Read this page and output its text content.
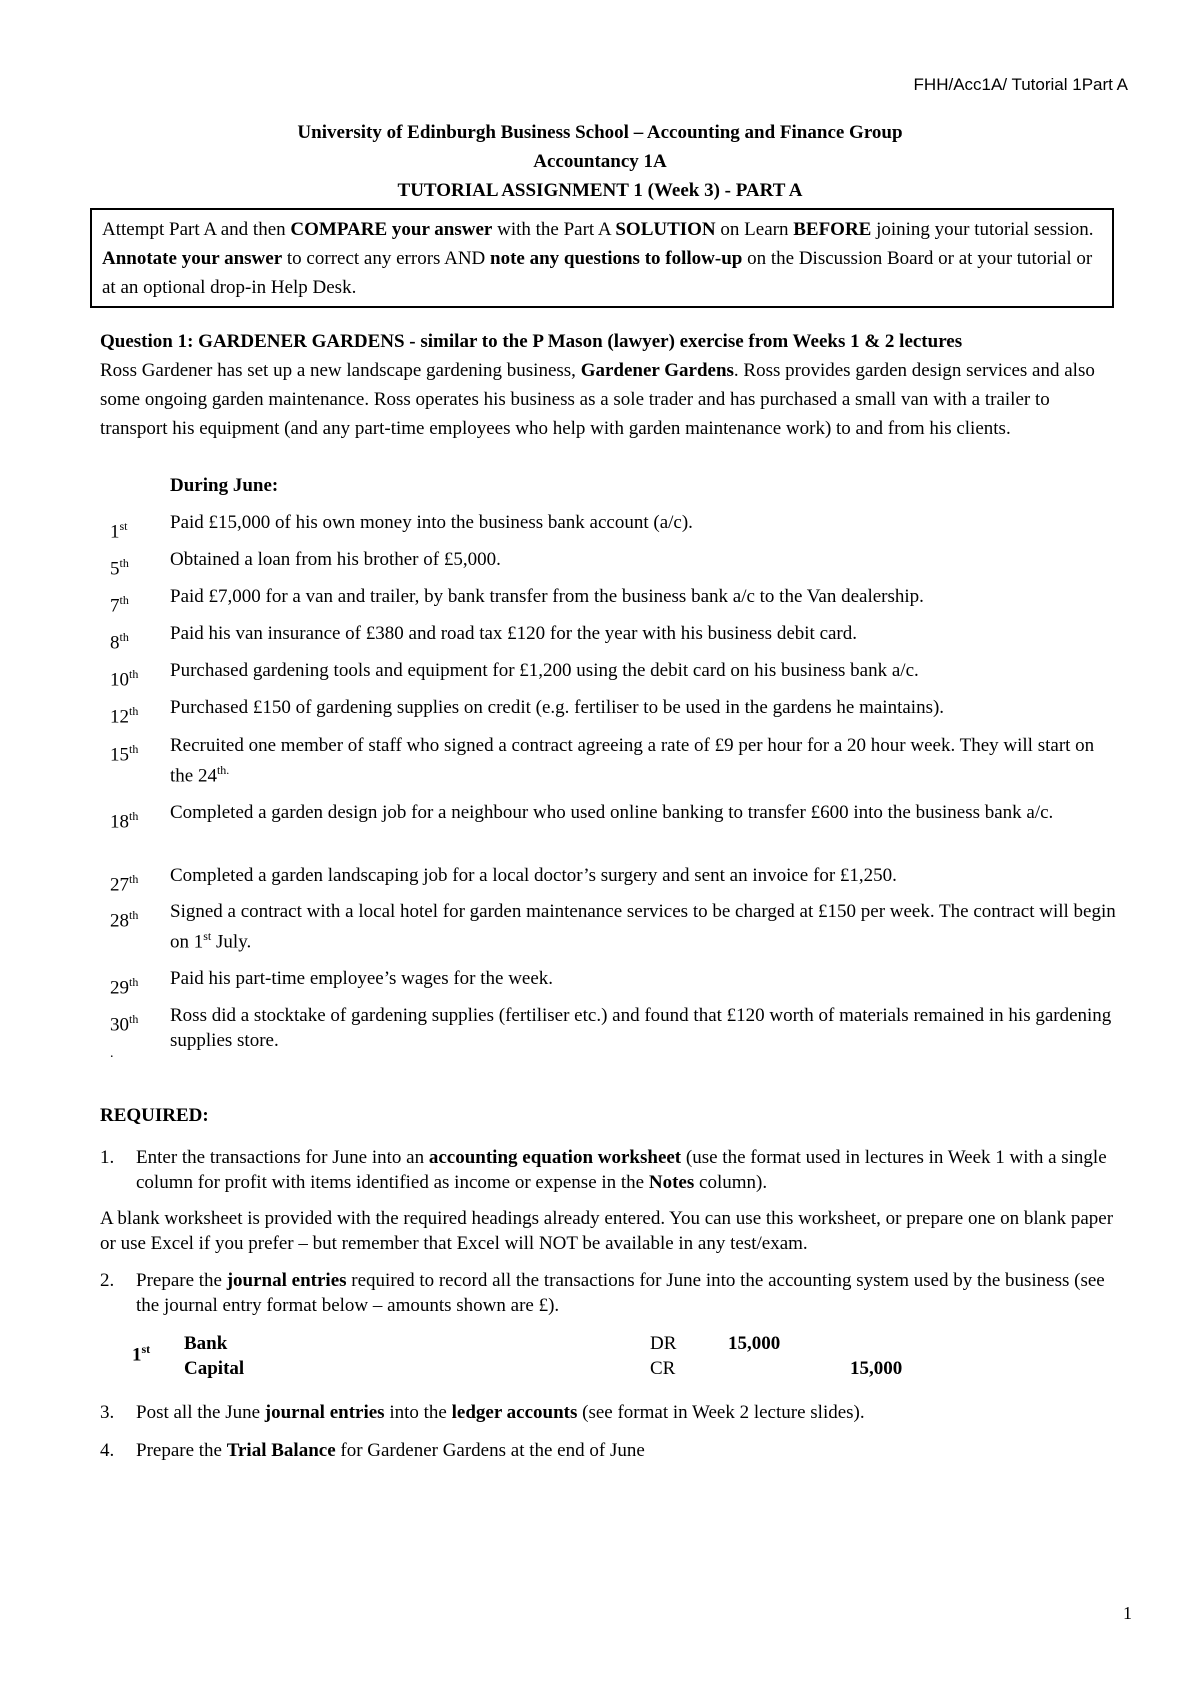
FHH/Acc1A/ Tutorial 1Part A
University of Edinburgh Business School – Accounting and Finance Group
Accountancy 1A
TUTORIAL ASSIGNMENT 1 (Week 3) - PART A
Attempt Part A and then COMPARE your answer with the Part A SOLUTION on Learn BEFORE joining your tutorial session. Annotate your answer to correct any errors AND note any questions to follow-up on the Discussion Board or at your tutorial or at an optional drop-in Help Desk.
Question 1: GARDENER GARDENS - similar to the P Mason (lawyer) exercise from Weeks 1 & 2 lectures
Ross Gardener has set up a new landscape gardening business, Gardener Gardens. Ross provides garden design services and also some ongoing garden maintenance. Ross operates his business as a sole trader and has purchased a small van with a trailer to transport his equipment (and any part-time employees who help with garden maintenance work) to and from his clients.
During June:
1st	Paid £15,000 of his own money into the business bank account (a/c).
5th	Obtained a loan from his brother of £5,000.
7th	Paid £7,000 for a van and trailer, by bank transfer from the business bank a/c to the Van dealership.
8th	Paid his van insurance of £380 and road tax £120 for the year with his business debit card.
10th	Purchased gardening tools and equipment for £1,200 using the debit card on his business bank a/c.
12th	Purchased £150 of gardening supplies on credit (e.g. fertiliser to be used in the gardens he maintains).
15th	Recruited one member of staff who signed a contract agreeing a rate of £9 per hour for a 20 hour week. They will start on the $24^{th.}$
18th	Completed a garden design job for a neighbour who used online banking to transfer £600 into the business bank a/c.
27th	Completed a garden landscaping job for a local doctor’s surgery and sent an invoice for £1,250.
28th	Signed a contract with a local hotel for garden maintenance services to be charged at £150 per week. The contract will begin on 1st July.
29th	Paid his part-time employee’s wages for the week.
30th	Ross did a stocktake of gardening supplies (fertiliser etc.) and found that £120 worth of materials remained in his gardening supplies store.
.
REQUIRED:
1. Enter the transactions for June into an accounting equation worksheet (use the format used in lectures in Week 1 with a single column for profit with items identified as income or expense in the Notes column).
A blank worksheet is provided with the required headings already entered. You can use this worksheet, or prepare one on blank paper or use Excel if you prefer – but remember that Excel will NOT be available in any test/exam.
2. Prepare the journal entries required to record all the transactions for June into the accounting system used by the business (see the journal entry format below – amounts shown are £).
1st Bank	DR	15,000
Capital	CR	15,000
3. Post all the June journal entries into the ledger accounts (see format in Week 2 lecture slides).
4. Prepare the Trial Balance for Gardener Gardens at the end of June
1
